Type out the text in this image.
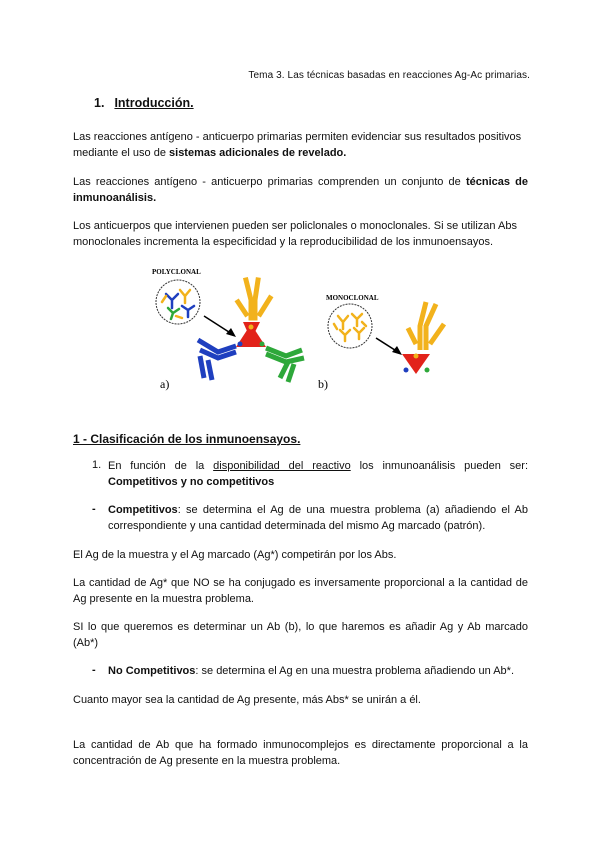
Tema 3. Las técnicas basadas en reacciones Ag-Ac primarias.
1. Introducción.
Las reacciones antígeno - anticuerpo primarias permiten evidenciar sus resultados positivos mediante el uso de sistemas adicionales de revelado.
Las reacciones antígeno - anticuerpo primarias comprenden un conjunto de técnicas de inmunoanálisis.
Los anticuerpos que intervienen pueden ser policlonales o monoclonales. Si se utilizan Abs monoclonales incrementa la especificidad y la reproducibilidad de los inmunoensayos.
POLYCLONAL
a)
MONOCLONAL
b)
1 - Clasificación de los inmunoensayos.
1. En función de la disponibilidad del reactivo los inmunoanálisis pueden ser: Competitivos y no competitivos
- Competitivos: se determina el Ag de una muestra problema (a) añadiendo el Ab correspondiente y una cantidad determinada del mismo Ag marcado (patrón).
El Ag de la muestra y el Ag marcado (Ag*) competirán por los Abs.
La cantidad de Ag* que NO se ha conjugado es inversamente proporcional a la cantidad de Ag presente en la muestra problema.
SI lo que queremos es determinar un Ab (b), lo que haremos es añadir Ag y Ab marcado (Ab*)
- No Competitivos: se determina el Ag en una muestra problema añadiendo un Ab*.
Cuanto mayor sea la cantidad de Ag presente, más Abs* se unirán a él.
La cantidad de Ab que ha formado inmunocomplejos es directamente proporcional a la concentración de Ag presente en la muestra problema.
